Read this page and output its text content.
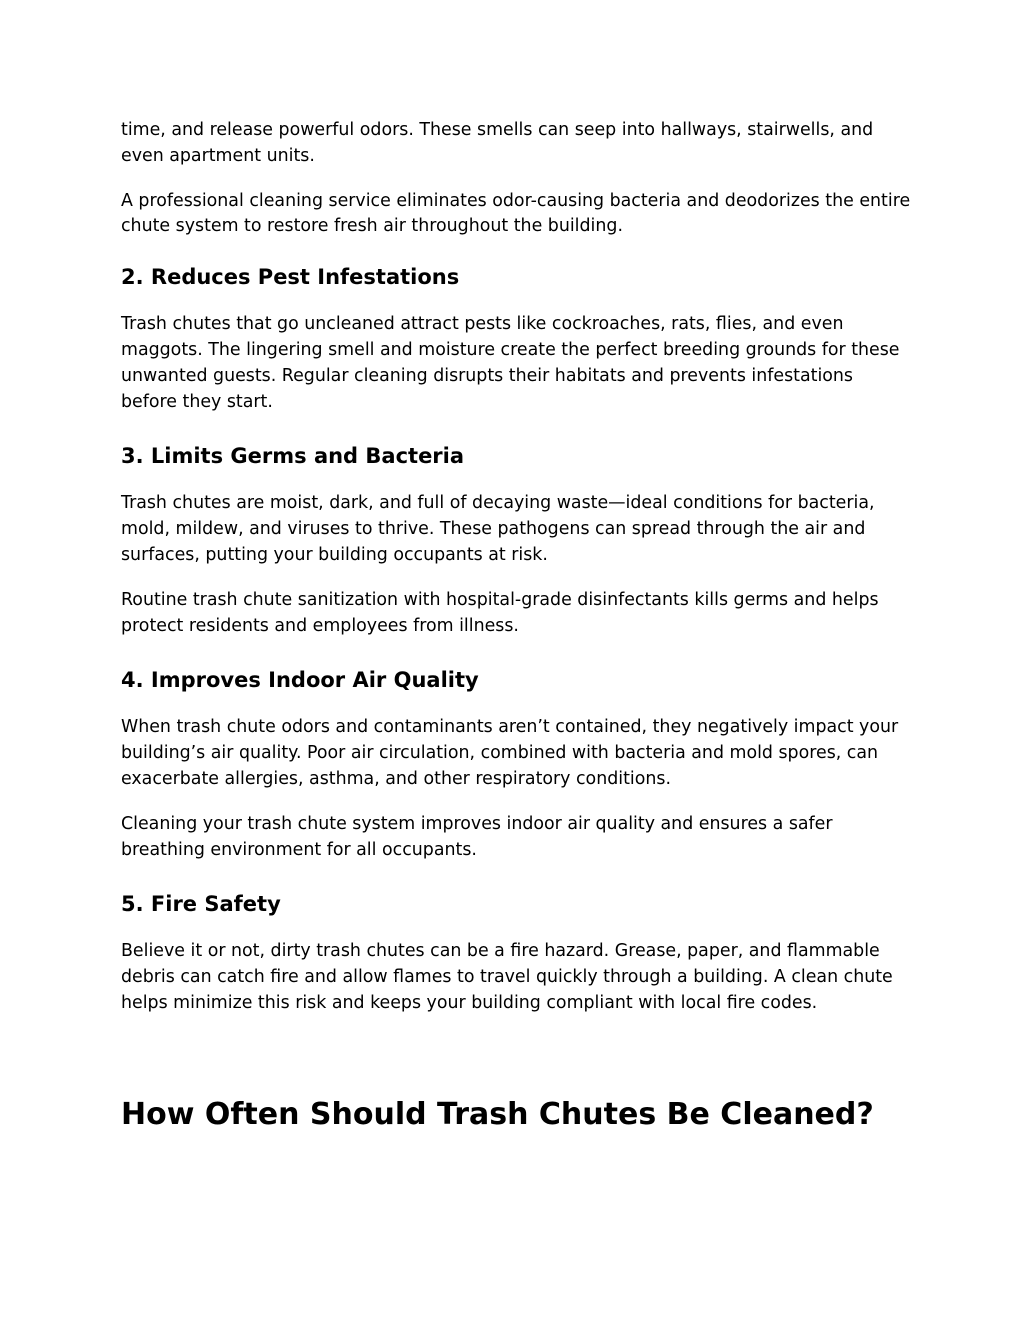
time, and release powerful odors. These smells can seep into hallways, stairwells, and even apartment units.

A professional cleaning service eliminates odor-causing bacteria and deodorizes the entire chute system to restore fresh air throughout the building.

2. Reduces Pest Infestations

Trash chutes that go uncleaned attract pests like cockroaches, rats, flies, and even maggots. The lingering smell and moisture create the perfect breeding grounds for these unwanted guests. Regular cleaning disrupts their habitats and prevents infestations before they start.

3. Limits Germs and Bacteria

Trash chutes are moist, dark, and full of decaying waste—ideal conditions for bacteria, mold, mildew, and viruses to thrive. These pathogens can spread through the air and surfaces, putting your building occupants at risk.

Routine trash chute sanitization with hospital-grade disinfectants kills germs and helps protect residents and employees from illness.

4. Improves Indoor Air Quality

When trash chute odors and contaminants aren’t contained, they negatively impact your building’s air quality. Poor air circulation, combined with bacteria and mold spores, can exacerbate allergies, asthma, and other respiratory conditions.

Cleaning your trash chute system improves indoor air quality and ensures a safer breathing environment for all occupants.

5. Fire Safety

Believe it or not, dirty trash chutes can be a fire hazard. Grease, paper, and flammable debris can catch fire and allow flames to travel quickly through a building. A clean chute helps minimize this risk and keeps your building compliant with local fire codes.

How Often Should Trash Chutes Be Cleaned?
